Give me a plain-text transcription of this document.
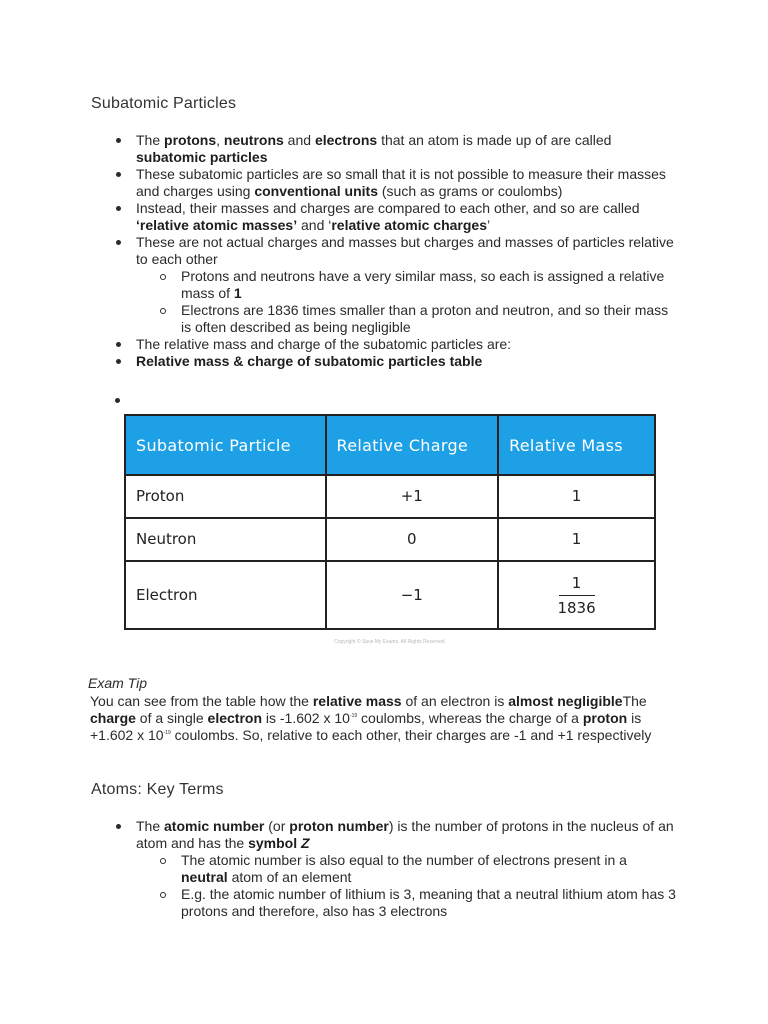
Subatomic Particles
The protons, neutrons and electrons that an atom is made up of are called subatomic particles
These subatomic particles are so small that it is not possible to measure their masses and charges using conventional units (such as grams or coulombs)
Instead, their masses and charges are compared to each other, and so are called ‘relative atomic masses’ and ‘relative atomic charges’
These are not actual charges and masses but charges and masses of particles relative to each other
Protons and neutrons have a very similar mass, so each is assigned a relative mass of 1
Electrons are 1836 times smaller than a proton and neutron, and so their mass is often described as being negligible
The relative mass and charge of the subatomic particles are:
Relative mass & charge of subatomic particles table
Subatomic Particle	Relative Charge	Relative Mass
Proton	+1	1
Neutron	0	1
Electron	−1	$\frac{1}{1836}$
Copyright © Save My Exams. All Rights Reserved.
Exam Tip
You can see from the table how the relative mass of an electron is almost negligibleThe charge of a single electron is -1.602 x $10^{-19}$ coulombs, whereas the charge of a proton is +1.602 x $10^{-19}$ coulombs. So, relative to each other, their charges are -1 and +1 respectively
Atoms: Key Terms
The atomic number (or proton number) is the number of protons in the nucleus of an atom and has the symbol Z
The atomic number is also equal to the number of electrons present in a neutral atom of an element
E.g. the atomic number of lithium is 3, meaning that a neutral lithium atom has 3 protons and therefore, also has 3 electrons
